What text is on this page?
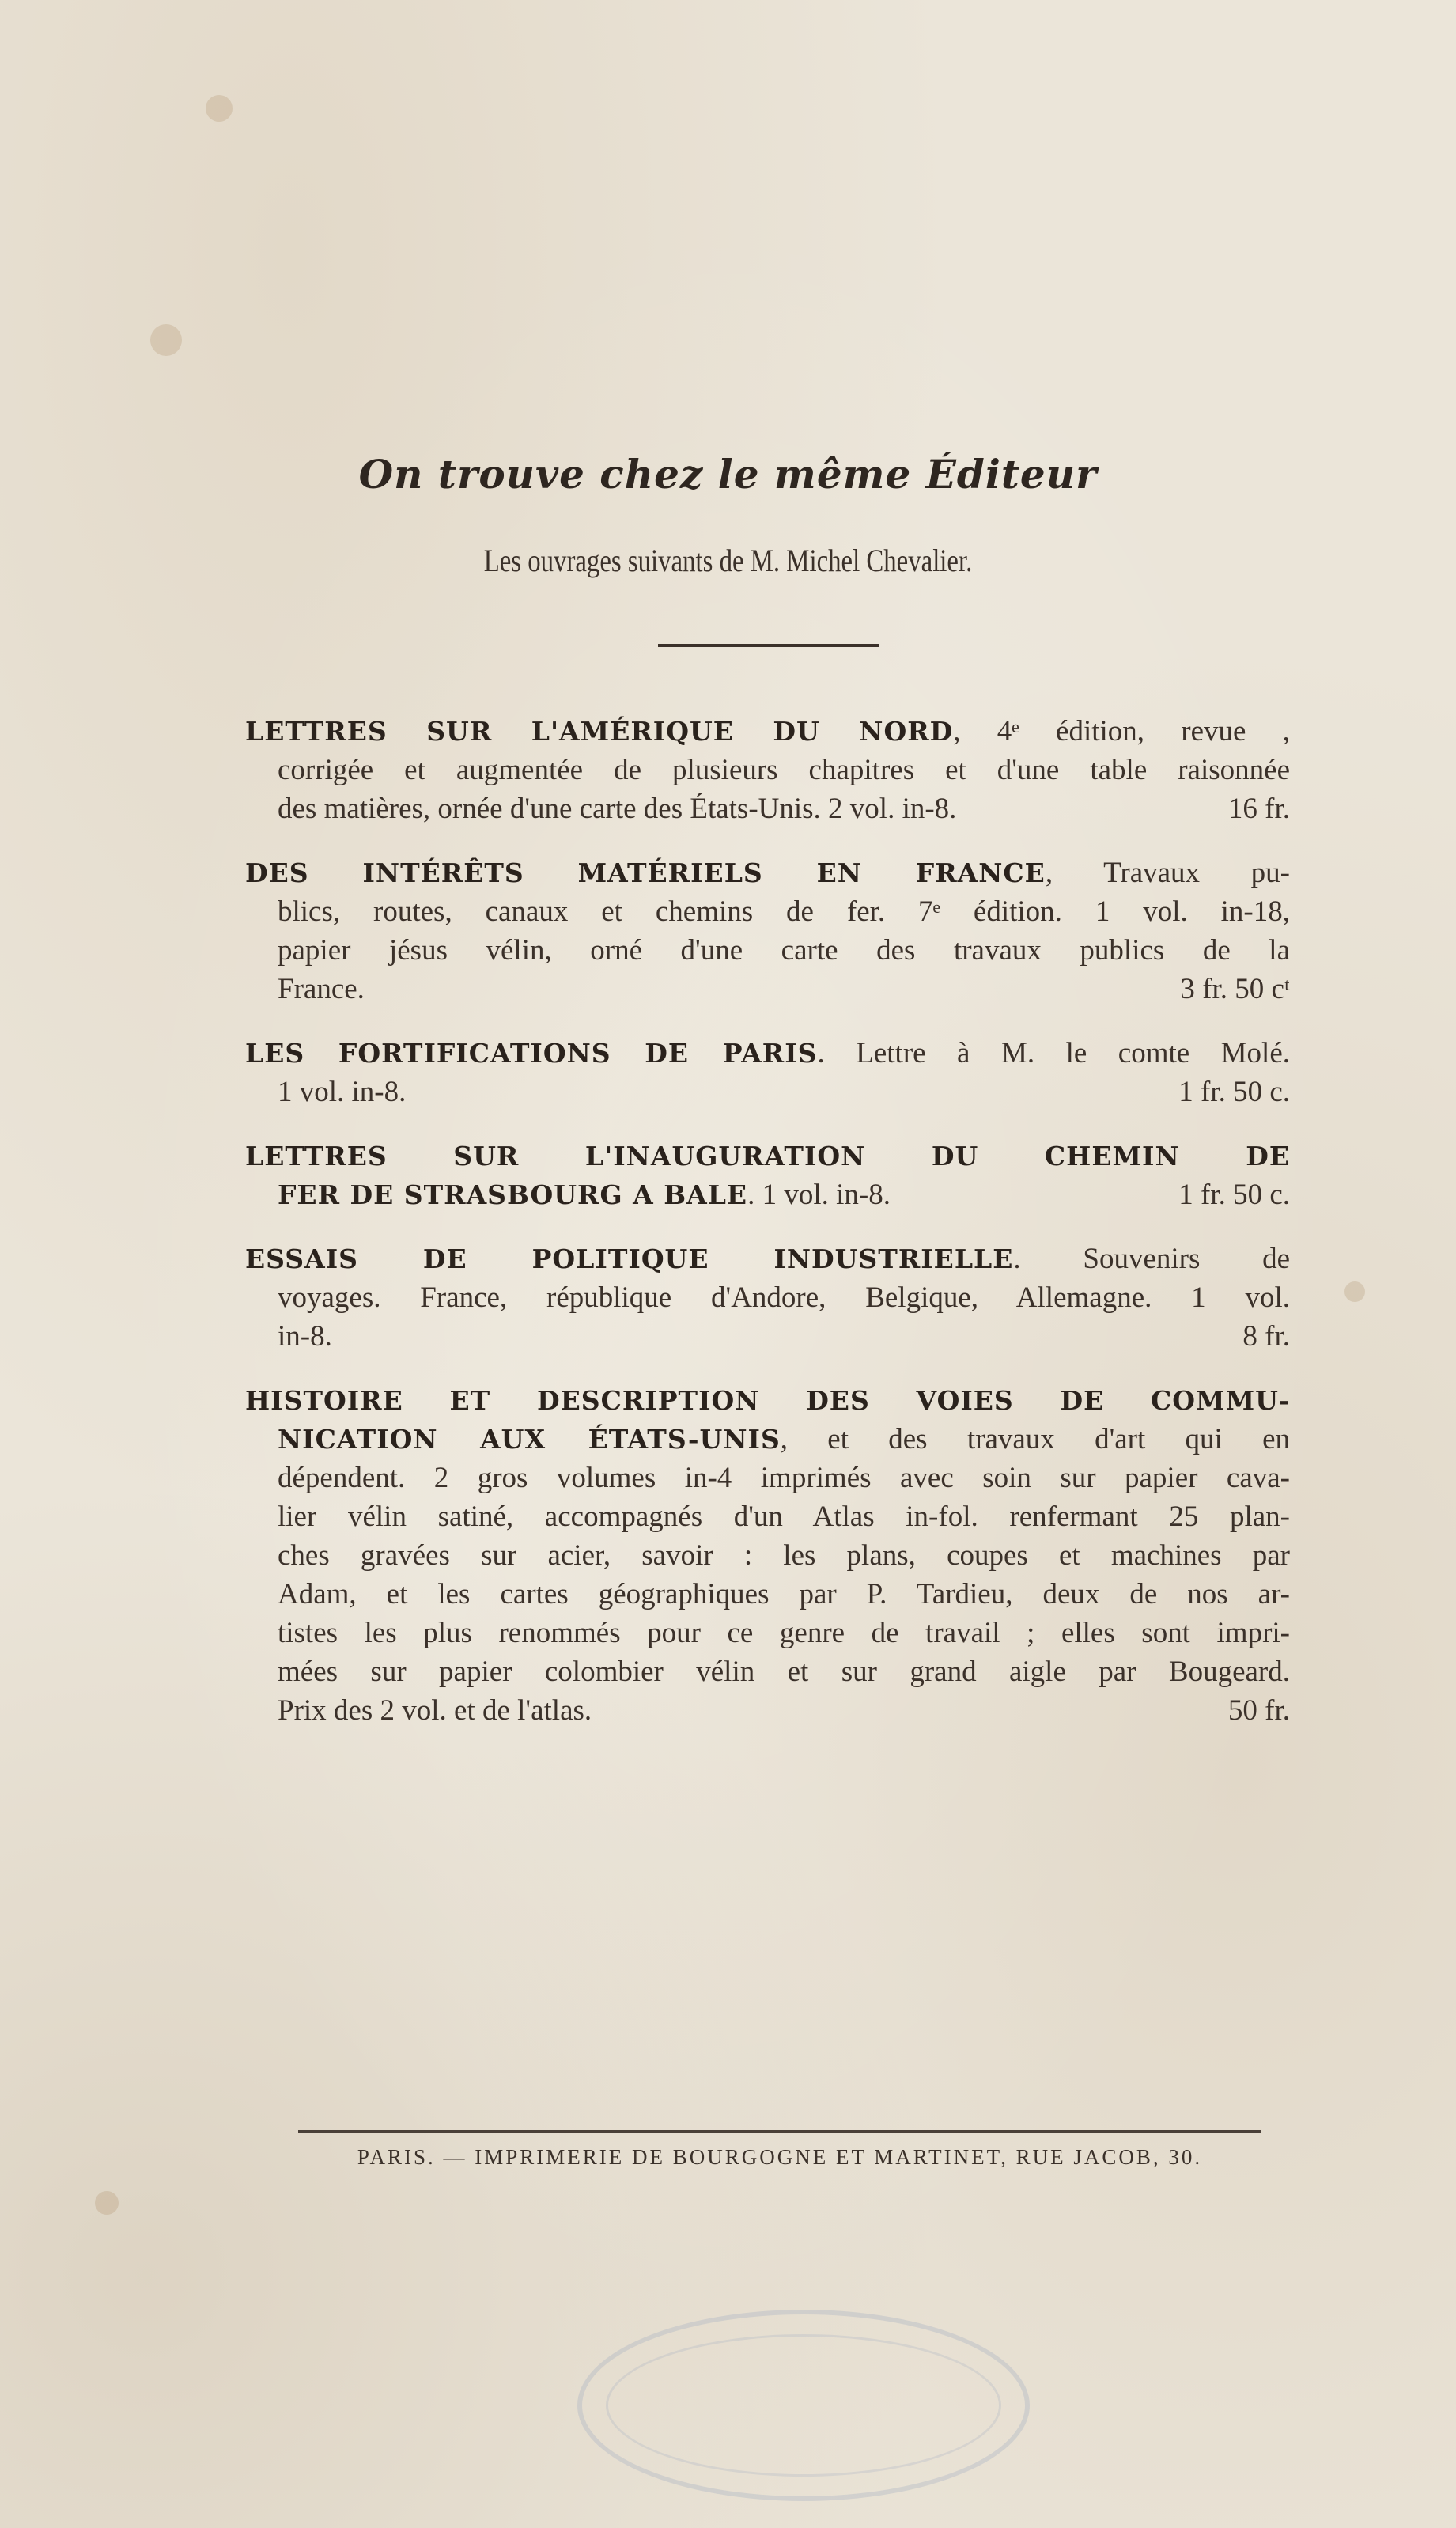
On trouve chez le même Éditeur
Les ouvrages suivants de M. Michel Chevalier.
LETTRES SUR L'AMÉRIQUE DU NORD, 4ᵉ édition, revue ,
corrigée et augmentée de plusieurs chapitres et d'une table raisonnée
des matières, ornée d'une carte des États-Unis. 2 vol. in-8.	16 fr.
DES INTÉRÊTS MATÉRIELS EN FRANCE, Travaux pu-
blics, routes, canaux et chemins de fer. 7ᵉ édition. 1 vol. in-18,
papier jésus vélin, orné d'une carte des travaux publics de la
France.	3 fr. 50 cᵗ
LES FORTIFICATIONS DE PARIS. Lettre à M. le comte Molé.
1 vol. in-8.	1 fr. 50 c.
LETTRES SUR L'INAUGURATION DU CHEMIN DE
FER DE STRASBOURG A BALE. 1 vol. in-8.	1 fr. 50 c.
ESSAIS DE POLITIQUE INDUSTRIELLE. Souvenirs de
voyages. France, république d'Andore, Belgique, Allemagne. 1 vol.
in-8.	8 fr.
HISTOIRE ET DESCRIPTION DES VOIES DE COMMU-
NICATION AUX ÉTATS-UNIS, et des travaux d'art qui en
dépendent. 2 gros volumes in-4 imprimés avec soin sur papier cava-
lier vélin satiné, accompagnés d'un Atlas in-fol. renfermant 25 plan-
ches gravées sur acier, savoir : les plans, coupes et machines par
Adam, et les cartes géographiques par P. Tardieu, deux de nos ar-
tistes les plus renommés pour ce genre de travail ; elles sont impri-
mées sur papier colombier vélin et sur grand aigle par Bougeard.
Prix des 2 vol. et de l'atlas.	50 fr.
PARIS. — IMPRIMERIE DE BOURGOGNE ET MARTINET, RUE JACOB, 30.
